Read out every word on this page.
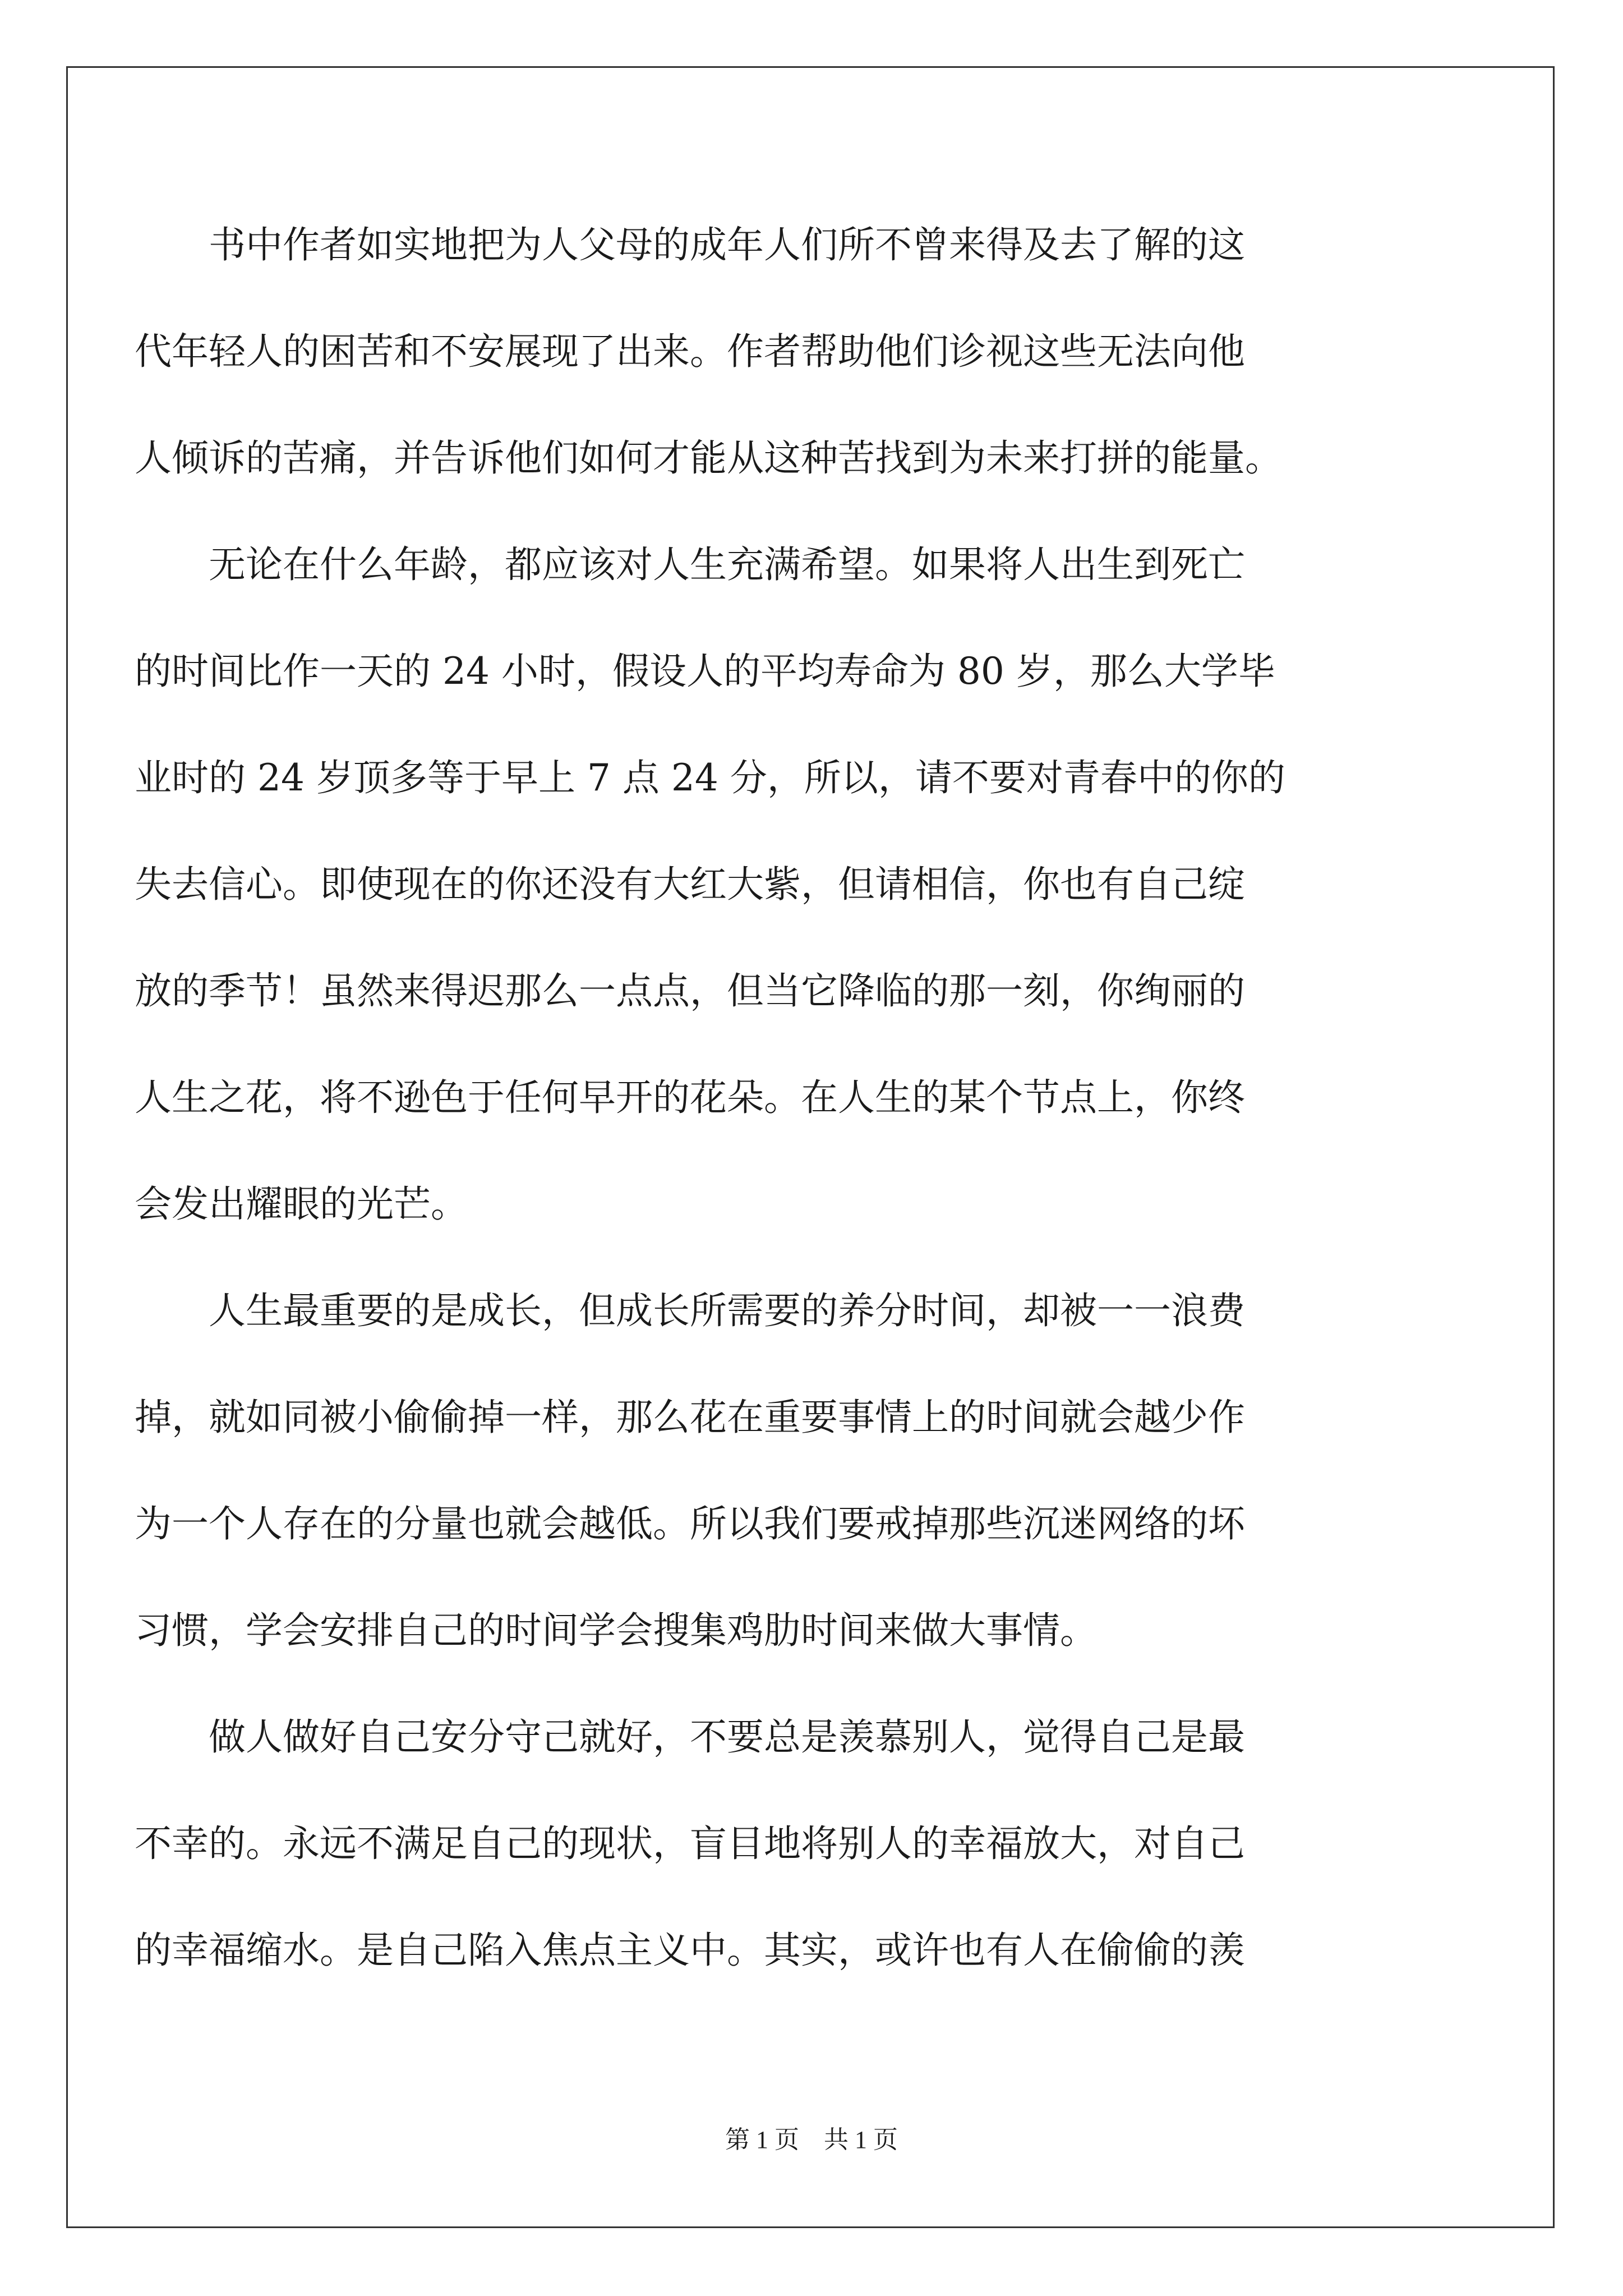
　　书中作者如实地把为人父母的成年人们所不曾来得及去了解的这
代年轻人的困苦和不安展现了出来。作者帮助他们诊视这些无法向他
人倾诉的苦痛，并告诉他们如何才能从这种苦找到为未来打拼的能量。
　　无论在什么年龄，都应该对人生充满希望。如果将人出生到死亡
的时间比作一天的 24 小时，假设人的平均寿命为 80 岁，那么大学毕
业时的 24 岁顶多等于早上 7 点 24 分，所以，请不要对青春中的你的
失去信心。即使现在的你还没有大红大紫，但请相信，你也有自己绽
放的季节！虽然来得迟那么一点点，但当它降临的那一刻，你绚丽的
人生之花，将不逊色于任何早开的花朵。在人生的某个节点上，你终
会发出耀眼的光芒。
　　人生最重要的是成长，但成长所需要的养分时间，却被一一浪费
掉，就如同被小偷偷掉一样，那么花在重要事情上的时间就会越少作
为一个人存在的分量也就会越低。所以我们要戒掉那些沉迷网络的坏
习惯，学会安排自己的时间学会搜集鸡肋时间来做大事情。
　　做人做好自己安分守己就好，不要总是羡慕别人，觉得自己是最
不幸的。永远不满足自己的现状，盲目地将别人的幸福放大，对自己
的幸福缩水。是自己陷入焦点主义中。其实，或许也有人在偷偷的羡
第 1 页 共 1 页
